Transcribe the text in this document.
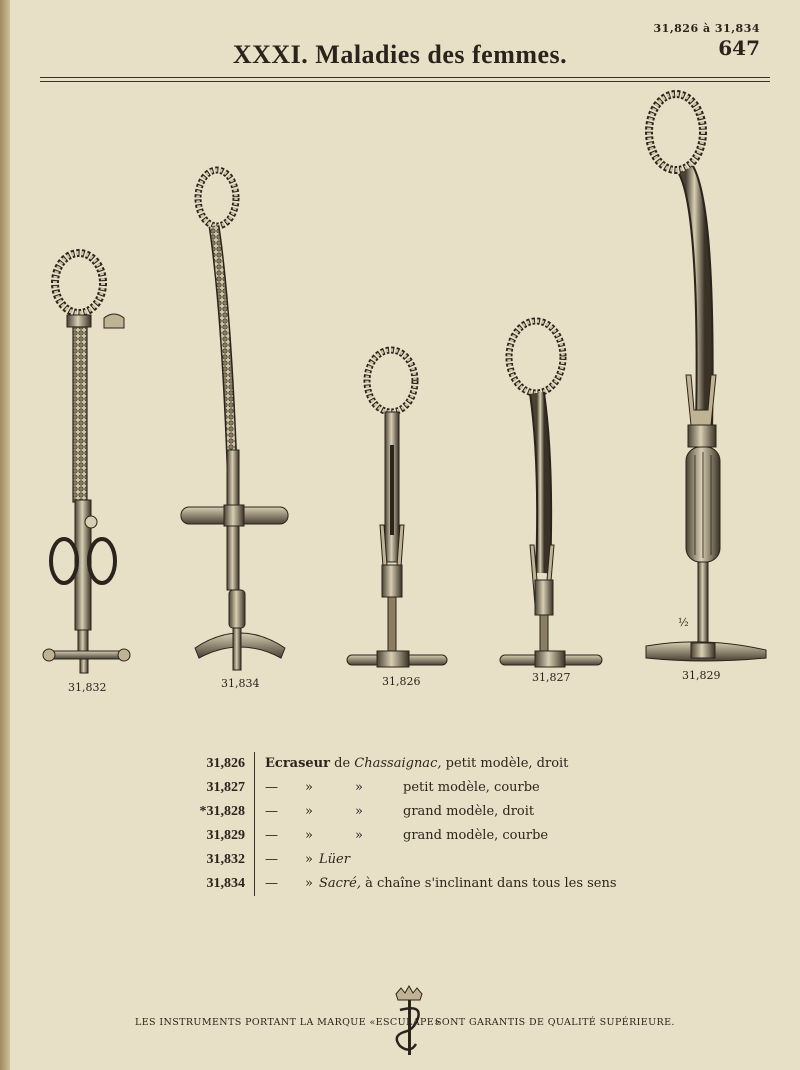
31,826 à 31,834
647
XXXI. Maladies des femmes.
31,832	31,834	31,826	31,827	31,829
½
31,826 Ecraseur de Chassaignac, petit modèle, droit
31,827 — »	»	petit modèle, courbe
*31,828 — »	»	grand modèle, droit
31,829 — »	»	grand modèle, courbe
31,832 — » Lüer
31,834 — » Sacré, à chaîne s'inclinant dans tous les sens
LES INSTRUMENTS PORTANT LA MARQUE «ESCULAPE»
SONT GARANTIS DE QUALITÉ SUPÉRIEURE.
